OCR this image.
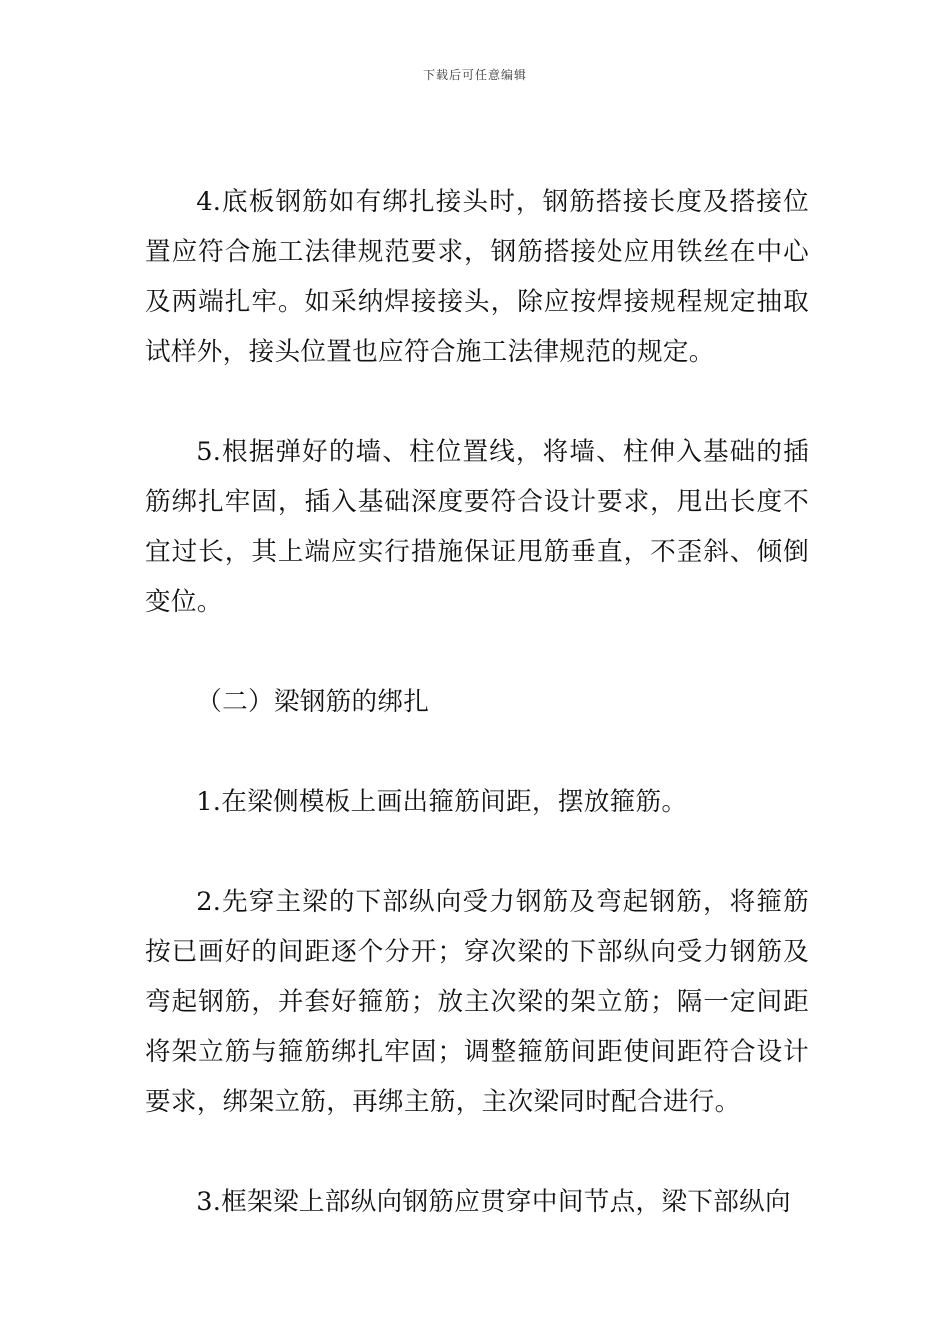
下载后可任意编辑

4.底板钢筋如有绑扎接头时，钢筋搭接长度及搭接位置应符合施工法律规范要求，钢筋搭接处应用铁丝在中心及两端扎牢。如采纳焊接接头，除应按焊接规程规定抽取试样外，接头位置也应符合施工法律规范的规定。

5.根据弹好的墙、柱位置线，将墙、柱伸入基础的插筋绑扎牢固，插入基础深度要符合设计要求，甩出长度不宜过长，其上端应实行措施保证甩筋垂直，不歪斜、倾倒变位。

（二）梁钢筋的绑扎

1.在梁侧模板上画出箍筋间距，摆放箍筋。

2.先穿主梁的下部纵向受力钢筋及弯起钢筋，将箍筋按已画好的间距逐个分开；穿次梁的下部纵向受力钢筋及弯起钢筋，并套好箍筋；放主次梁的架立筋；隔一定间距将架立筋与箍筋绑扎牢固；调整箍筋间距使间距符合设计要求，绑架立筋，再绑主筋，主次梁同时配合进行。

3.框架梁上部纵向钢筋应贯穿中间节点，梁下部纵向
